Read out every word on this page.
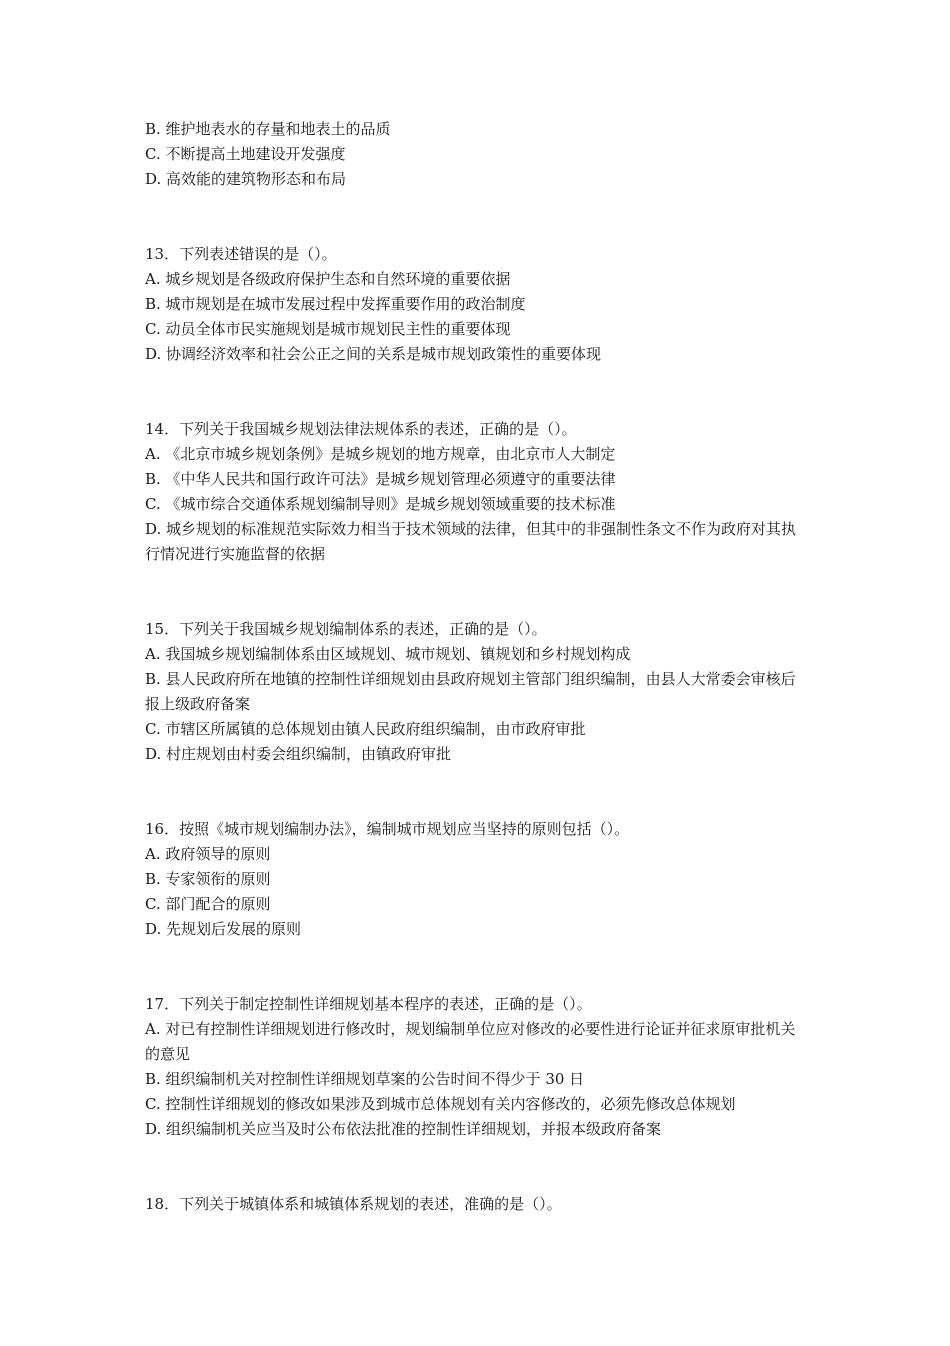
B. 维护地表水的存量和地表土的品质
C. 不断提高土地建设开发强度
D. 高效能的建筑物形态和布局
13．下列表述错误的是（）。
A. 城乡规划是各级政府保护生态和自然环境的重要依据
B. 城市规划是在城市发展过程中发挥重要作用的政治制度
C. 动员全体市民实施规划是城市规划民主性的重要体现
D. 协调经济效率和社会公正之间的关系是城市规划政策性的重要体现
14．下列关于我国城乡规划法律法规体系的表述，正确的是（）。
A. 《北京市城乡规划条例》是城乡规划的地方规章，由北京市人大制定
B. 《中华人民共和国行政许可法》是城乡规划管理必须遵守的重要法律
C. 《城市综合交通体系规划编制导则》是城乡规划领域重要的技术标准
D. 城乡规划的标准规范实际效力相当于技术领域的法律，但其中的非强制性条文不作为政府对其执行情况进行实施监督的依据
15．下列关于我国城乡规划编制体系的表述，正确的是（）。
A. 我国城乡规划编制体系由区域规划、城市规划、镇规划和乡村规划构成
B. 县人民政府所在地镇的控制性详细规划由县政府规划主管部门组织编制，由县人大常委会审核后报上级政府备案
C. 市辖区所属镇的总体规划由镇人民政府组织编制，由市政府审批
D. 村庄规划由村委会组织编制，由镇政府审批
16．按照《城市规划编制办法》，编制城市规划应当坚持的原则包括（）。
A. 政府领导的原则
B. 专家领衔的原则
C. 部门配合的原则
D. 先规划后发展的原则
17．下列关于制定控制性详细规划基本程序的表述，正确的是（）。
A. 对已有控制性详细规划进行修改时，规划编制单位应对修改的必要性进行论证并征求原审批机关的意见
B. 组织编制机关对控制性详细规划草案的公告时间不得少于 30 日
C. 控制性详细规划的修改如果涉及到城市总体规划有关内容修改的，必须先修改总体规划
D. 组织编制机关应当及时公布依法批准的控制性详细规划，并报本级政府备案
18．下列关于城镇体系和城镇体系规划的表述，准确的是（）。
